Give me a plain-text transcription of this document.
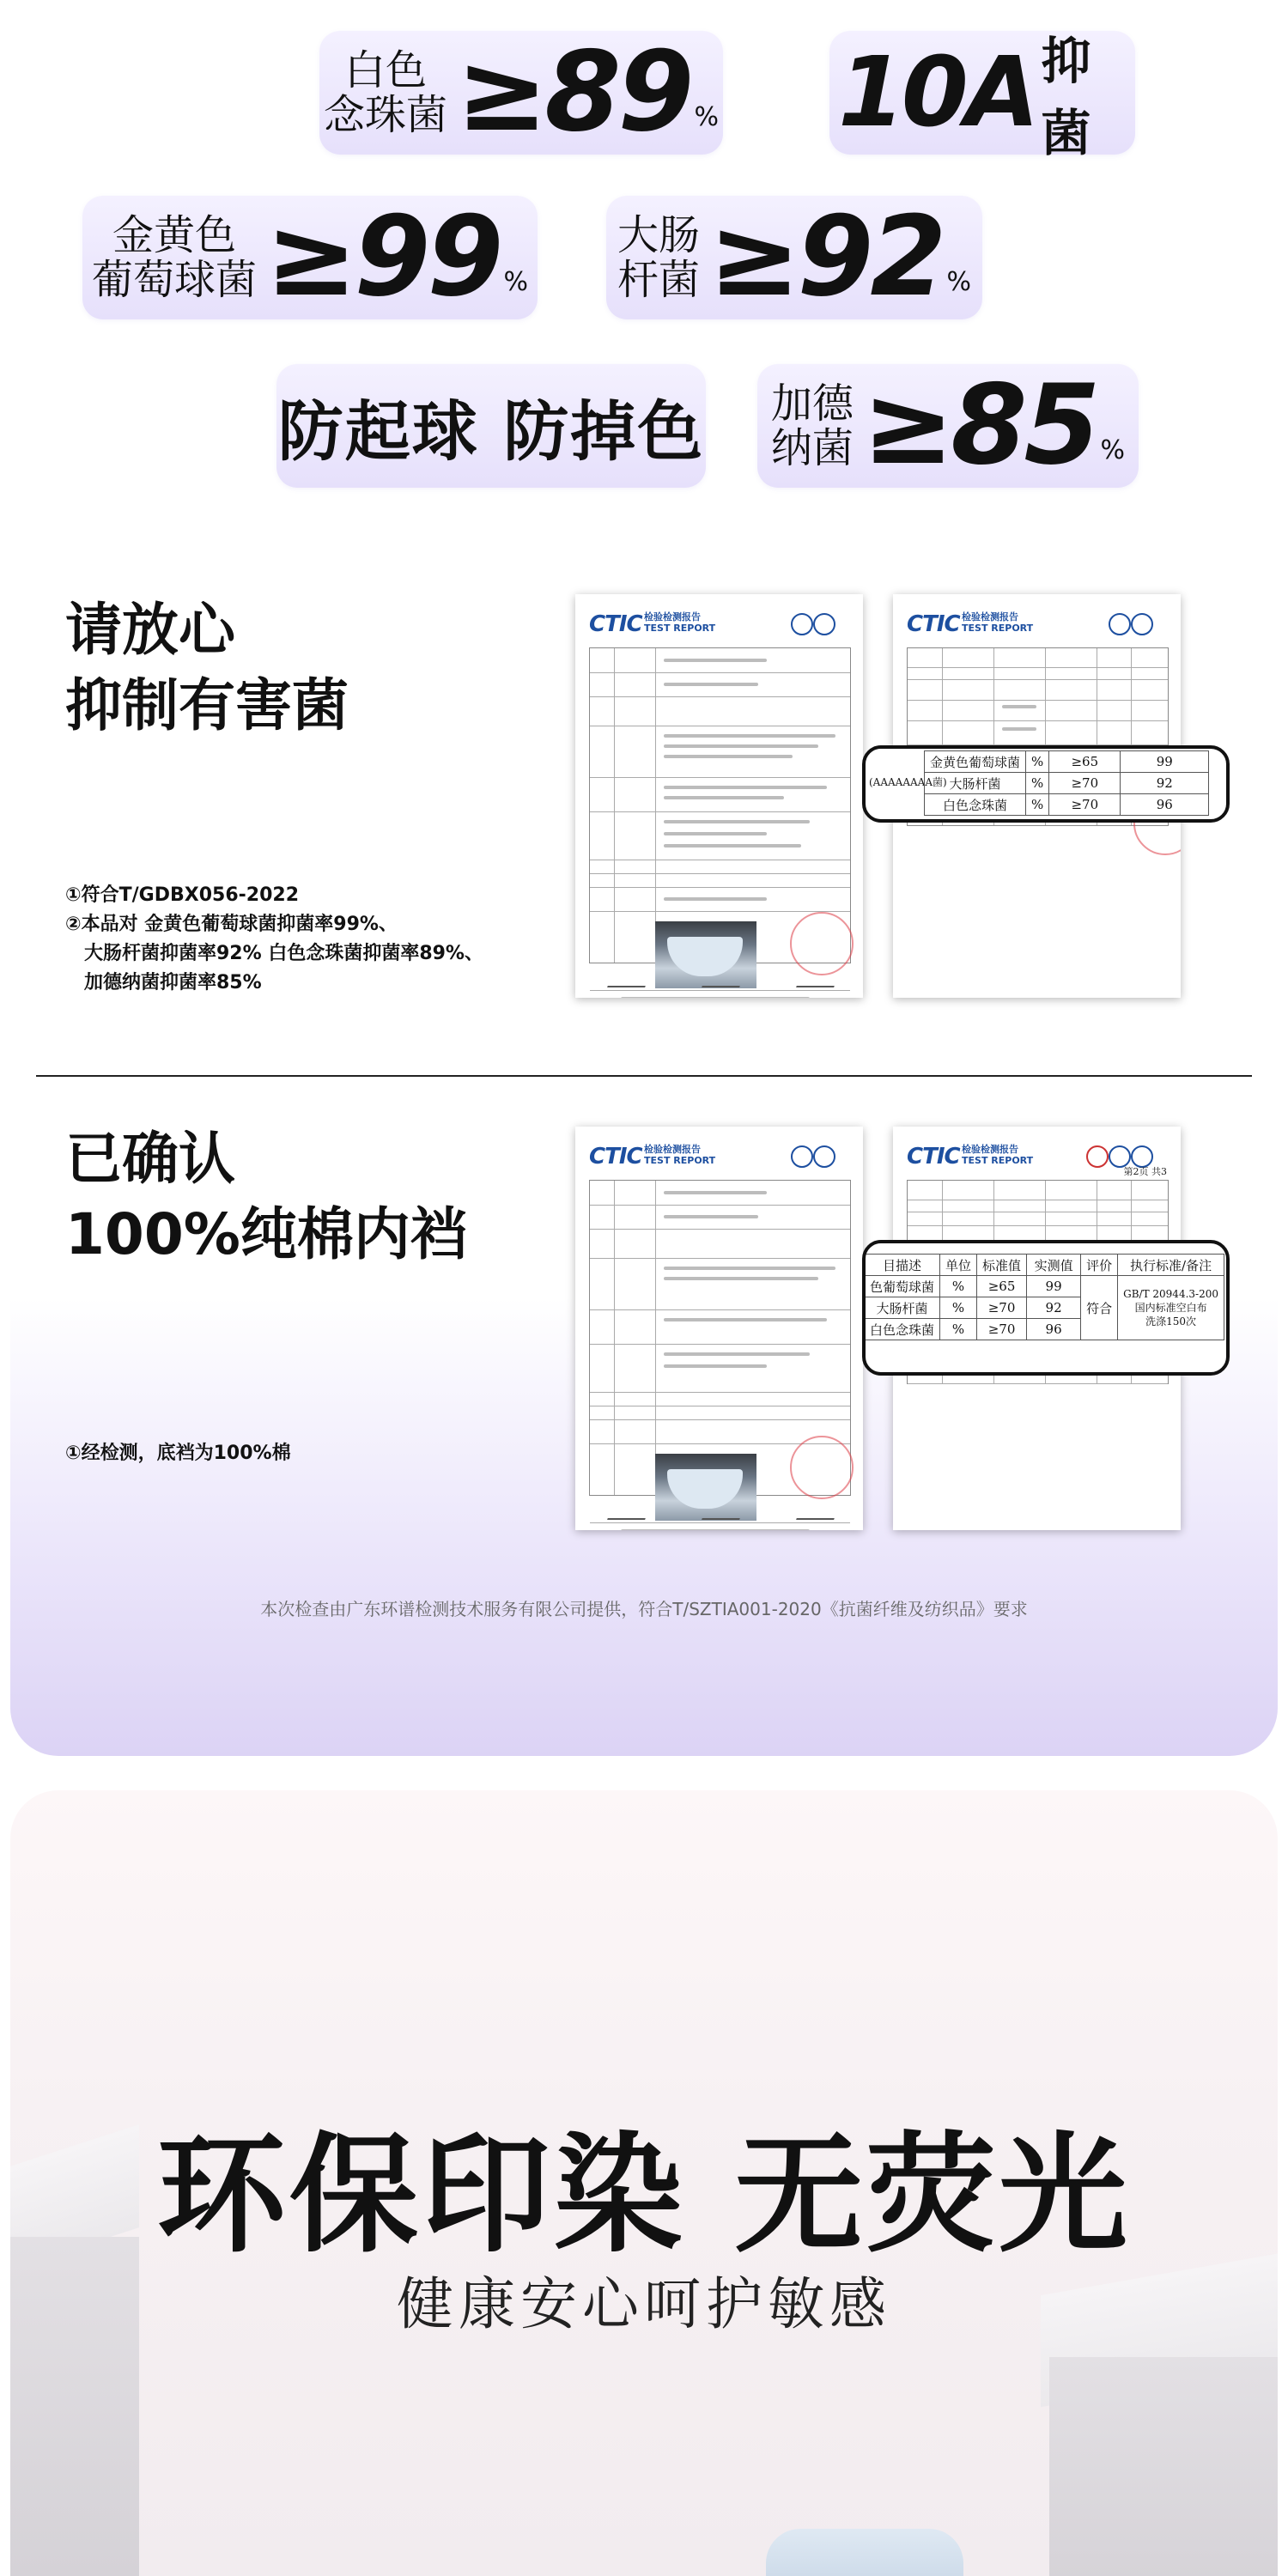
白色
念珠菌 ≥89 % 10A 抑菌
金黄色
葡萄球菌 ≥99 %
大肠
杆菌 ≥92 %
防起球 防掉色 加德
纳菌 ≥85 %
请放心
抑制有害菌
①符合T/GDBX056-2022
②本品对 金黄色葡萄球菌抑菌率99%、
大肠杆菌抑菌率92% 白色念珠菌抑菌率89%、
加德纳菌抑菌率85%
CTIC 检验检测报告
TEST REPORT	CTIC 检验检测报告
TEST REPORT
(AAAAAAAA菌)
金黄色葡萄球菌	%	≥65	99
大肠杆菌	%	≥70	92
白色念珠菌	%	≥70	96
已确认
100%纯棉内裆
①经检测，底裆为100%棉
CTIC 检验检测报告
TEST REPORT	CTIC 检验检测报告
TEST REPORT
第2页 共3
目描述	单位	标准值	实测值	评价	执行标准/备注
色葡萄球菌	%	≥65	99	符合	GB/T 20944.3-200
国内标准空白布
洗涤150次
大肠杆菌	%	≥70	92		
白色念珠菌	%	≥70	96		
本次检查由广东环谱检测技术服务有限公司提供，符合T/SZTIA001-2020《抗菌纤维及纺织品》要求
环保印染 无荧光
健康安心呵护敏感
